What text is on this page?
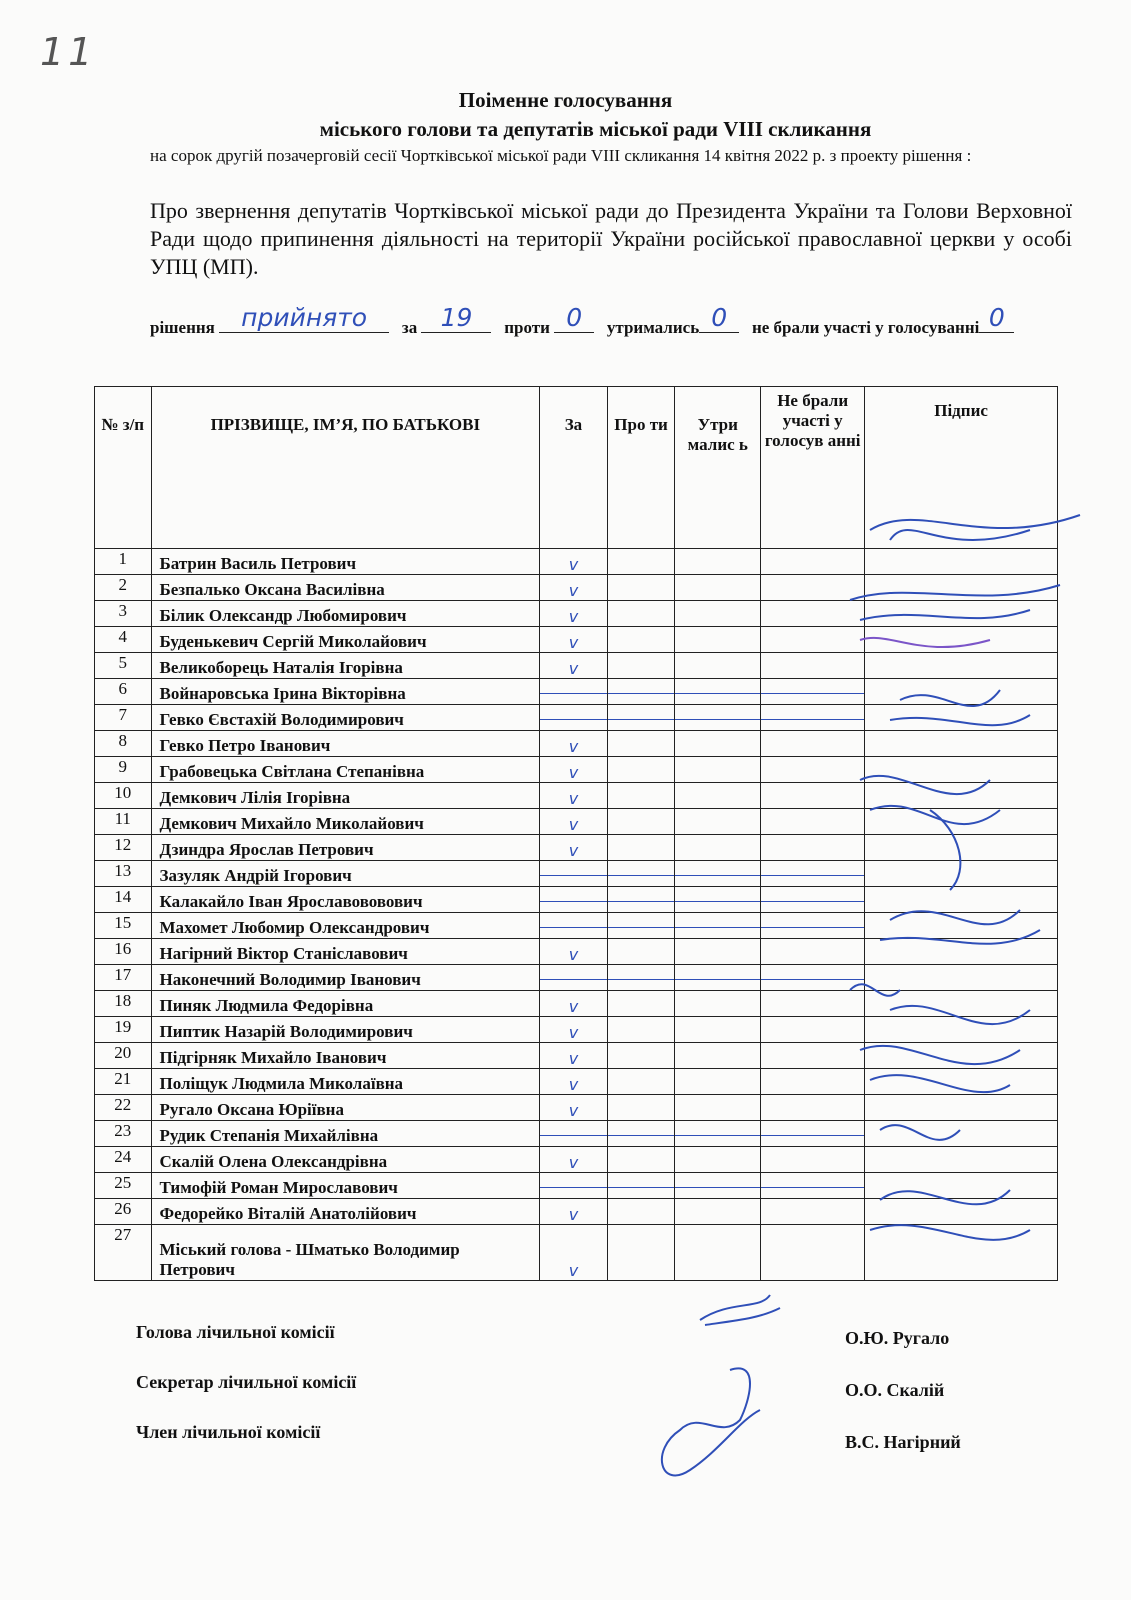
11
Поіменне голосування
міського голови та депутатів міської ради VIII скликання
на сорок другій позачерговій сесії Чортківської міської ради VIII скликання 14 квітня 2022 р. з проекту рішення :
Про звернення депутатів Чортківської міської ради до Президента України та Голови Верховної Ради щодо припинення діяльності на території України російської православної церкви у особі УПЦ (МП).
рішення	прийнято	за 19	проти 0	утримались 0	не брали участі у голосуванні 0
№ з/п	ПРІЗВИЩЕ, ІМ’Я, ПО БАТЬКОВІ	За	Про ти	Утри малис ь	Не брали участі у голосув анні	Підпис
1	Батрин Василь Петрович	v				
2	Безпалько Оксана Василівна	v				
3	Білик Олександр Любомирович	v				
4	Буденькевич Сергій Миколайович	v				
5	Великоборець Наталія Ігорівна	v				
6	Войнаровська Ірина Вікторівна					
7	Гевко Євстахій Володимирович					
8	Гевко Петро Іванович	v				
9	Грабовецька Світлана Степанівна	v				
10	Демкович Лілія Ігорівна	v				
11	Демкович Михайло Миколайович	v				
12	Дзиндра Ярослав Петрович	v				
13	Зазуляк Андрій Ігорович					
14	Калакайло Іван Ярославововович					
15	Махомет Любомир Олександрович					
16	Нагірний Віктор Станіславович	v				
17	Наконечний Володимир Іванович					
18	Пиняк Людмила Федорівна	v				
19	Пиптик Назарій Володимирович	v				
20	Підгірняк Михайло Іванович	v				
21	Поліщук Людмила Миколаївна	v				
22	Ругало Оксана Юріївна	v				
23	Рудик Степанія Михайлівна					
24	Скалій Олена Олександрівна	v				
25	Тимофій Роман Мирославович					
26	Федорейко Віталій Анатолійович	v				
27	Міський голова - Шматько Володимир Петрович	v				
Голова лічильної комісії
Секретар лічильної комісії
Член лічильної комісії
О.Ю. Ругало
О.О. Скалій
В.С. Нагірний
